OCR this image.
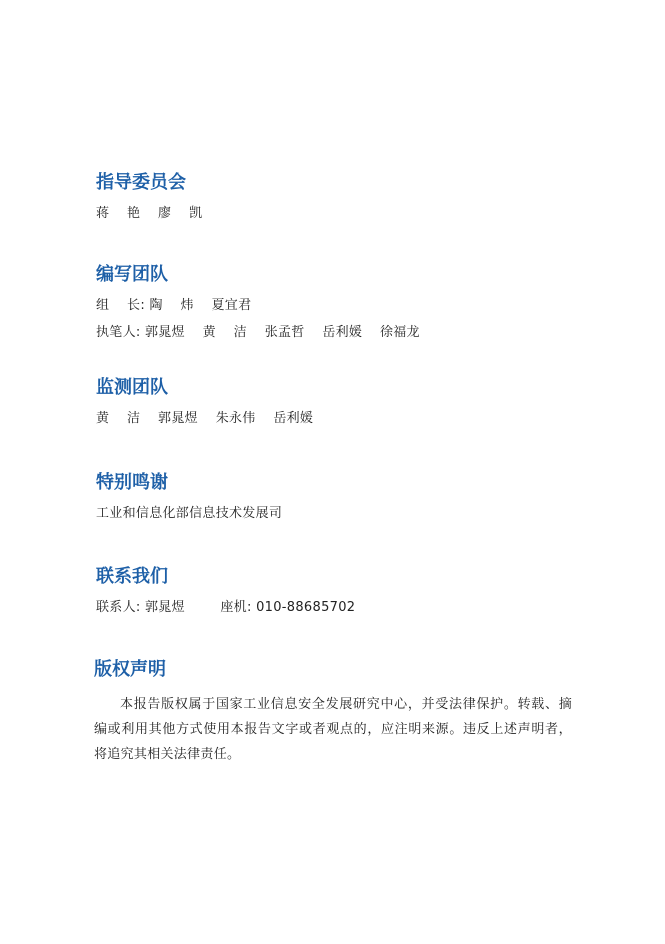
指导委员会
蒋    艳    廖    凯
编写团队
组    长: 陶    炜    夏宜君
执笔人: 郭晁煜    黄    洁    张孟哲    岳利媛    徐福龙
监测团队
黄    洁    郭晁煜    朱永伟    岳利媛
特别鸣谢
工业和信息化部信息技术发展司
联系我们
联系人: 郭晁煜        座机: 010-88685702
版权声明

本报告版权属于国家工业信息安全发展研究中心，并受法律保护。转载、摘编或利用其他方式使用本报告文字或者观点的，应注明来源。违反上述声明者，将追究其相关法律责任。
